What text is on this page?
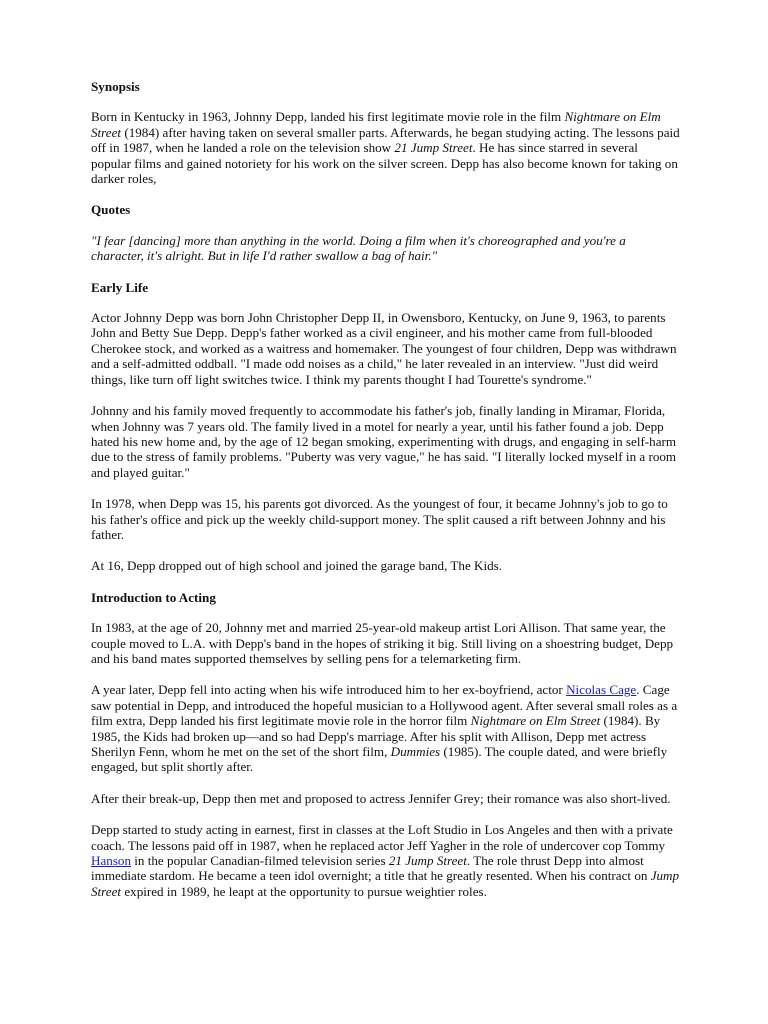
Synopsis

Born in Kentucky in 1963, Johnny Depp, landed his first legitimate movie role in the film Nightmare on Elm Street (1984) after having taken on several smaller parts. Afterwards, he began studying acting. The lessons paid off in 1987, when he landed a role on the television show 21 Jump Street. He has since starred in several popular films and gained notoriety for his work on the silver screen. Depp has also become known for taking on darker roles,

Quotes

"I fear [dancing] more than anything in the world. Doing a film when it's choreographed and you're a character, it's alright. But in life I'd rather swallow a bag of hair."

Early Life

Actor Johnny Depp was born John Christopher Depp II, in Owensboro, Kentucky, on June 9, 1963, to parents John and Betty Sue Depp. Depp's father worked as a civil engineer, and his mother came from full-blooded Cherokee stock, and worked as a waitress and homemaker. The youngest of four children, Depp was withdrawn and a self-admitted oddball. "I made odd noises as a child," he later revealed in an interview. "Just did weird things, like turn off light switches twice. I think my parents thought I had Tourette's syndrome."

Johnny and his family moved frequently to accommodate his father's job, finally landing in Miramar, Florida, when Johnny was 7 years old. The family lived in a motel for nearly a year, until his father found a job. Depp hated his new home and, by the age of 12 began smoking, experimenting with drugs, and engaging in self-harm due to the stress of family problems. "Puberty was very vague," he has said. "I literally locked myself in a room and played guitar."

In 1978, when Depp was 15, his parents got divorced. As the youngest of four, it became Johnny's job to go to his father's office and pick up the weekly child-support money. The split caused a rift between Johnny and his father.

At 16, Depp dropped out of high school and joined the garage band, The Kids.

Introduction to Acting

In 1983, at the age of 20, Johnny met and married 25-year-old makeup artist Lori Allison. That same year, the couple moved to L.A. with Depp's band in the hopes of striking it big. Still living on a shoestring budget, Depp and his band mates supported themselves by selling pens for a telemarketing firm.

A year later, Depp fell into acting when his wife introduced him to her ex-boyfriend, actor Nicolas Cage. Cage saw potential in Depp, and introduced the hopeful musician to a Hollywood agent. After several small roles as a film extra, Depp landed his first legitimate movie role in the horror film Nightmare on Elm Street (1984). By 1985, the Kids had broken up—and so had Depp's marriage. After his split with Allison, Depp met actress Sherilyn Fenn, whom he met on the set of the short film, Dummies (1985). The couple dated, and were briefly engaged, but split shortly after.

After their break-up, Depp then met and proposed to actress Jennifer Grey; their romance was also short-lived.

Depp started to study acting in earnest, first in classes at the Loft Studio in Los Angeles and then with a private coach. The lessons paid off in 1987, when he replaced actor Jeff Yagher in the role of undercover cop Tommy Hanson in the popular Canadian-filmed television series 21 Jump Street. The role thrust Depp into almost immediate stardom. He became a teen idol overnight; a title that he greatly resented. When his contract on Jump Street expired in 1989, he leapt at the opportunity to pursue weightier roles.
